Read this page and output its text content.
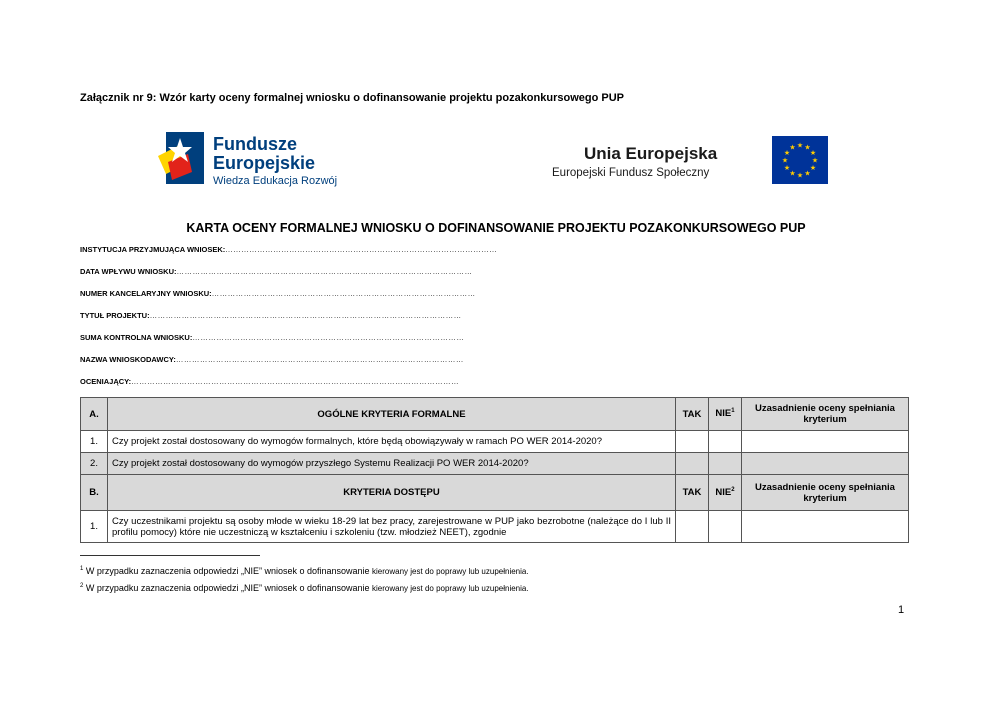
Załącznik nr 9: Wzór karty oceny formalnej wniosku o dofinansowanie projektu pozakonkursowego PUP
Fundusze
Europejskie
Wiedza Edukacja Rozwój
Unia Europejska
Europejski Fundusz Społeczny
★ ★
★
★
★
★
★
★
★
★
★
★
KARTA OCENY FORMALNEJ WNIOSKU O DOFINANSOWANIE PROJEKTU POZAKONKURSOWEGO PUP
INSTYTUCJA PRZYJMUJĄCA WNIOSEK:…………………………………………………………………………………………
DATA WPŁYWU WNIOSKU:…………………………………………………………………………………………………
NUMER KANCELARYJNY WNIOSKU:………………………………………………………………………………………
TYTUŁ PROJEKTU:………………………………………………………………………………………………………
SUMA KONTROLNA WNIOSKU:…………………………………………………………………………………………
NAZWA WNIOSKODAWCY:………………………………………………………………………………………………
OCENIAJĄCY:……………………………………………………………………………………………………………
A.	OGÓLNE KRYTERIA FORMALNE	TAK	NIE$^1$	Uzasadnienie oceny spełniania kryterium
1.	Czy projekt został dostosowany do wymogów formalnych, które będą obowiązywały w ramach PO WER 2014-2020?			
2.	Czy projekt został dostosowany do wymogów przyszłego Systemu Realizacji PO WER 2014-2020?			
B.	KRYTERIA DOSTĘPU	TAK	NIE$^2$	Uzasadnienie oceny spełniania kryterium
1.	Czy uczestnikami projektu są osoby młode w wieku 18-29 lat bez pracy, zarejestrowane w PUP jako bezrobotne (należące do I lub II profilu pomocy) które nie uczestniczą w kształceniu i szkoleniu (tzw. młodzież NEET), zgodnie			
$^1$ W przypadku zaznaczenia odpowiedzi „NIE” wniosek o dofinansowanie kierowany jest do poprawy lub uzupełnienia.
$^2$ W przypadku zaznaczenia odpowiedzi „NIE” wniosek o dofinansowanie kierowany jest do poprawy lub uzupełnienia.
1
